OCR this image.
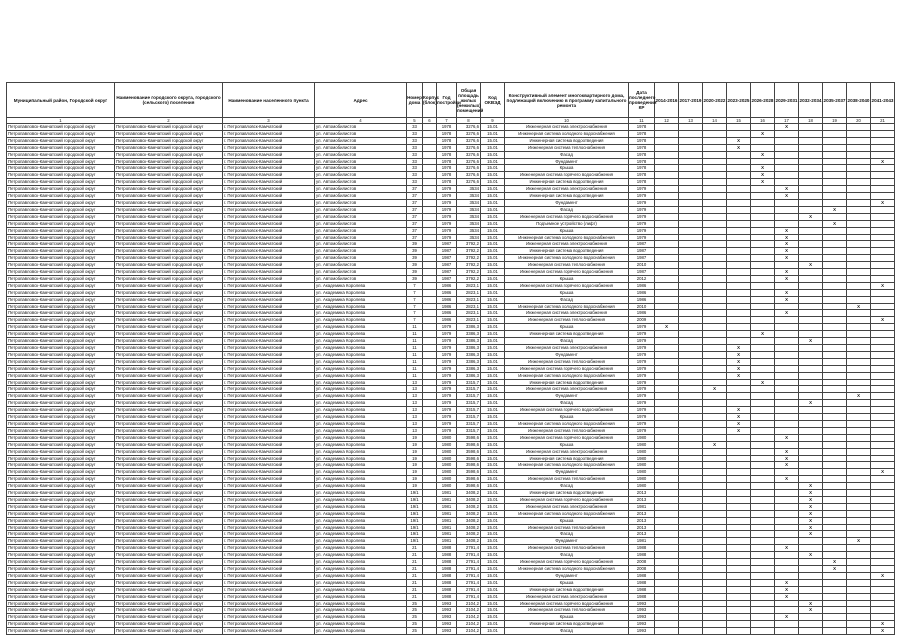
Муниципальный район, Городской округ	Наименование городского округа, городского (сельского) поселения	Наименование населенного пункта	Адрес	Номер дома	Корпус (блок)	Год постройки	Общая площадь жилых (нежилых) помещений	Код ОКВЭД	Конструктивный элемент многоквартирного дома, подлежащий включению в программу капитального ремонта	Дата последнего проведения КР	2014-2016	2017-2019	2020-2022	2023-2025	2026-2028	2029-2031	2032-2034	2035-2037	2038-2040	2041-2043
1	2	3	4	5	6	7	8	9	10	11	12	13	14	15	16	17	18	19	20	21
Петропавловск-Камчатский городской округ	Петропавловск-Камчатский городской округ	г. Петропавловск-Камчатский	ул. Автомобилистов	33		1978	3276,6	15.01	Инженерная система электроснабжения	1978						X				
Петропавловск-Камчатский городской округ	Петропавловск-Камчатский городской округ	г. Петропавловск-Камчатский	ул. Автомобилистов	33		1978	3276,6	15.01	Инженерная система холодного водоснабжения	1978					X					
Петропавловск-Камчатский городской округ	Петропавловск-Камчатский городской округ	г. Петропавловск-Камчатский	ул. Автомобилистов	33		1978	3276,6	15.01	Инженерная система водоотведения	1978				X						
Петропавловск-Камчатский городской округ	Петропавловск-Камчатский городской округ	г. Петропавловск-Камчатский	ул. Автомобилистов	33		1978	3276,6	15.01	Инженерная система теплоснабжения	1978				X						
Петропавловск-Камчатский городской округ	Петропавловск-Камчатский городской округ	г. Петропавловск-Камчатский	ул. Автомобилистов	33		1978	3276,6	15.01	Фасад	1978					X					
Петропавловск-Камчатский городской округ	Петропавловск-Камчатский городской округ	г. Петропавловск-Камчатский	ул. Автомобилистов	33		1978	3276,6	15.01	Фундамент	1978										X
Петропавловск-Камчатский городской округ	Петропавловск-Камчатский городской округ	г. Петропавловск-Камчатский	ул. Автомобилистов	33		1978	3276,6	15.01	Крыша	1978					X					
Петропавловск-Камчатский городской округ	Петропавловск-Камчатский городской округ	г. Петропавловск-Камчатский	ул. Автомобилистов	33		1978	3276,6	15.01	Инженерная система горячего водоснабжения	1978					X					
Петропавловск-Камчатский городской округ	Петропавловск-Камчатский городской округ	г. Петропавловск-Камчатский	ул. Автомобилистов	33		1978	3276,6	15.01	Инженерная система водоотведения	1978					X					
Петропавловск-Камчатский городской округ	Петропавловск-Камчатский городской округ	г. Петропавловск-Камчатский	ул. Автомобилистов	37		1979	3534	15.01	Инженерная система электроснабжения	1979						X				
Петропавловск-Камчатский городской округ	Петропавловск-Камчатский городской округ	г. Петропавловск-Камчатский	ул. Автомобилистов	37		1979	3534	15.01	Инженерная система водоотведения	1979						X				
Петропавловск-Камчатский городской округ	Петропавловск-Камчатский городской округ	г. Петропавловск-Камчатский	ул. Автомобилистов	37		1979	3534	15.01	Фундамент	1979										X
Петропавловск-Камчатский городской округ	Петропавловск-Камчатский городской округ	г. Петропавловск-Камчатский	ул. Автомобилистов	37		1979	3534	15.01	Фасад	1979								X		
Петропавловск-Камчатский городской округ	Петропавловск-Камчатский городской округ	г. Петропавловск-Камчатский	ул. Автомобилистов	37		1979	3534	15.01	Инженерная система горячего водоснабжения	1979							X			
Петропавловск-Камчатский городской округ	Петропавловск-Камчатский городской округ	г. Петропавловск-Камчатский	ул. Автомобилистов	37		1979	3534	15.01	Подъемное устройство (лифт)	1979								X		
Петропавловск-Камчатский городской округ	Петропавловск-Камчатский городской округ	г. Петропавловск-Камчатский	ул. Автомобилистов	37		1979	3534	15.01	Крыша	1979						X				
Петропавловск-Камчатский городской округ	Петропавловск-Камчатский городской округ	г. Петропавловск-Камчатский	ул. Автомобилистов	37		1979	3534	15.01	Инженерная система холодного водоснабжения	1979						X				
Петропавловск-Камчатский городской округ	Петропавловск-Камчатский городской округ	г. Петропавловск-Камчатский	ул. Автомобилистов	39		1987	3792,2	15.01	Инженерная система электроснабжения	1987						X				
Петропавловск-Камчатский городской округ	Петропавловск-Камчатский городской округ	г. Петропавловск-Камчатский	ул. Автомобилистов	39		1987	3792,2	15.01	Инженерная система водоотведения	1987						X				
Петропавловск-Камчатский городской округ	Петропавловск-Камчатский городской округ	г. Петропавловск-Камчатский	ул. Автомобилистов	39		1987	3792,2	15.01	Инженерная система холодного водоснабжения	1987						X				
Петропавловск-Камчатский городской округ	Петропавловск-Камчатский городской округ	г. Петропавловск-Камчатский	ул. Автомобилистов	39		1987	3792,2	15.01	Инженерная система теплоснабжения	2010							X			
Петропавловск-Камчатский городской округ	Петропавловск-Камчатский городской округ	г. Петропавловск-Камчатский	ул. Автомобилистов	39		1987	3792,2	15.01	Инженерная система горячего водоснабжения	1987						X				
Петропавловск-Камчатский городской округ	Петропавловск-Камчатский городской округ	г. Петропавловск-Камчатский	ул. Автомобилистов	39		1987	3792,2	15.01	Крыша	2012						X				
Петропавловск-Камчатский городской округ	Петропавловск-Камчатский городской округ	г. Петропавловск-Камчатский	ул. Академика Королева	7		1986	2823,1	15.01	Инженерная система горячего водоснабжения	1986										X
Петропавловск-Камчатский городской округ	Петропавловск-Камчатский городской округ	г. Петропавловск-Камчатский	ул. Академика Королева	7		1986	2823,1	15.01	Крыша	1986						X				
Петропавловск-Камчатский городской округ	Петропавловск-Камчатский городской округ	г. Петропавловск-Камчатский	ул. Академика Королева	7		1986	2823,1	15.01	Фасад	1986						X				
Петропавловск-Камчатский городской округ	Петропавловск-Камчатский городской округ	г. Петропавловск-Камчатский	ул. Академика Королева	7		1986	2823,1	15.01	Инженерная система холодного водоснабжения	2010									X	
Петропавловск-Камчатский городской округ	Петропавловск-Камчатский городской округ	г. Петропавловск-Камчатский	ул. Академика Королева	7		1986	2823,1	15.01	Инженерная система электроснабжения	1986						X				
Петропавловск-Камчатский городской округ	Петропавловск-Камчатский городской округ	г. Петропавловск-Камчатский	ул. Академика Королева	7		1986	2823,1	15.01	Инженерная система теплоснабжения	2009										X
Петропавловск-Камчатский городской округ	Петропавловск-Камчатский городской округ	г. Петропавловск-Камчатский	ул. Академика Королева	11		1979	3386,3	15.01	Крыша	1979	X									
Петропавловск-Камчатский городской округ	Петропавловск-Камчатский городской округ	г. Петропавловск-Камчатский	ул. Академика Королева	11		1979	3386,3	15.01	Инженерная система водоотведения	1979					X					
Петропавловск-Камчатский городской округ	Петропавловск-Камчатский городской округ	г. Петропавловск-Камчатский	ул. Академика Королева	11		1979	3386,3	15.01	Фасад	1979							X			
Петропавловск-Камчатский городской округ	Петропавловск-Камчатский городской округ	г. Петропавловск-Камчатский	ул. Академика Королева	11		1979	3386,3	15.01	Инженерная система электроснабжения	1979				X						
Петропавловск-Камчатский городской округ	Петропавловск-Камчатский городской округ	г. Петропавловск-Камчатский	ул. Академика Королева	11		1979	3386,3	15.01	Фундамент	1979				X						
Петропавловск-Камчатский городской округ	Петропавловск-Камчатский городской округ	г. Петропавловск-Камчатский	ул. Академика Королева	11		1979	3386,3	15.01	Инженерная система теплоснабжения	1979				X						
Петропавловск-Камчатский городской округ	Петропавловск-Камчатский городской округ	г. Петропавловск-Камчатский	ул. Академика Королева	11		1979	3386,3	15.01	Инженерная система горячего водоснабжения	1979				X						
Петропавловск-Камчатский городской округ	Петропавловск-Камчатский городской округ	г. Петропавловск-Камчатский	ул. Академика Королева	11		1979	3386,3	15.01	Инженерная система холодного водоснабжения	1979				X						
Петропавловск-Камчатский городской округ	Петропавловск-Камчатский городской округ	г. Петропавловск-Камчатский	ул. Академика Королева	13		1979	3315,7	15.01	Инженерная система водоотведения	1979					X					
Петропавловск-Камчатский городской округ	Петропавловск-Камчатский городской округ	г. Петропавловск-Камчатский	ул. Академика Королева	13		1979	3315,7	15.01	Инженерная система электроснабжения	1979			X							
Петропавловск-Камчатский городской округ	Петропавловск-Камчатский городской округ	г. Петропавловск-Камчатский	ул. Академика Королева	13		1979	3315,7	15.01	Фундамент	1979									X	
Петропавловск-Камчатский городской округ	Петропавловск-Камчатский городской округ	г. Петропавловск-Камчатский	ул. Академика Королева	13		1979	3315,7	15.01	Фасад	1979							X			
Петропавловск-Камчатский городской округ	Петропавловск-Камчатский городской округ	г. Петропавловск-Камчатский	ул. Академика Королева	13		1979	3315,7	15.01	Инженерная система горячего водоснабжения	1979				X						
Петропавловск-Камчатский городской округ	Петропавловск-Камчатский городской округ	г. Петропавловск-Камчатский	ул. Академика Королева	13		1979	3315,7	15.01	Крыша	1979				X						
Петропавловск-Камчатский городской округ	Петропавловск-Камчатский городской округ	г. Петропавловск-Камчатский	ул. Академика Королева	13		1979	3315,7	15.01	Инженерная система холодного водоснабжения	1979				X						
Петропавловск-Камчатский городской округ	Петропавловск-Камчатский городской округ	г. Петропавловск-Камчатский	ул. Академика Королева	13		1979	3315,7	15.01	Инженерная система теплоснабжения	1979				X						
Петропавловск-Камчатский городской округ	Петропавловск-Камчатский городской округ	г. Петропавловск-Камчатский	ул. Академика Королева	19		1980	3598,6	15.01	Инженерная система горячего водоснабжения	1980						X				
Петропавловск-Камчатский городской округ	Петропавловск-Камчатский городской округ	г. Петропавловск-Камчатский	ул. Академика Королева	19		1980	3598,6	15.01	Крыша	1980			X							
Петропавловск-Камчатский городской округ	Петропавловск-Камчатский городской округ	г. Петропавловск-Камчатский	ул. Академика Королева	19		1980	3598,6	15.01	Инженерная система электроснабжения	1980						X				
Петропавловск-Камчатский городской округ	Петропавловск-Камчатский городской округ	г. Петропавловск-Камчатский	ул. Академика Королева	19		1980	3598,6	15.01	Инженерная система водоотведения	1980						X				
Петропавловск-Камчатский городской округ	Петропавловск-Камчатский городской округ	г. Петропавловск-Камчатский	ул. Академика Королева	19		1980	3598,6	15.01	Инженерная система холодного водоснабжения	1980						X				
Петропавловск-Камчатский городской округ	Петропавловск-Камчатский городской округ	г. Петропавловск-Камчатский	ул. Академика Королева	19		1980	3598,6	15.01	Фундамент	1980										X
Петропавловск-Камчатский городской округ	Петропавловск-Камчатский городской округ	г. Петропавловск-Камчатский	ул. Академика Королева	19		1980	3598,6	15.01	Инженерная система теплоснабжения	1980						X				
Петропавловск-Камчатский городской округ	Петропавловск-Камчатский городской округ	г. Петропавловск-Камчатский	ул. Академика Королева	19		1980	3598,6	15.01	Фасад	1980							X			
Петропавловск-Камчатский городской округ	Петропавловск-Камчатский городской округ	г. Петропавловск-Камчатский	ул. Академика Королева	19/1		1981	3408,2	15.01	Инженерная система водоотведения	2013							X			
Петропавловск-Камчатский городской округ	Петропавловск-Камчатский городской округ	г. Петропавловск-Камчатский	ул. Академика Королева	19/1		1981	3408,2	15.01	Инженерная система горячего водоснабжения	2013							X			
Петропавловск-Камчатский городской округ	Петропавловск-Камчатский городской округ	г. Петропавловск-Камчатский	ул. Академика Королева	19/1		1981	3408,2	15.01	Инженерная система электроснабжения	1981							X			
Петропавловск-Камчатский городской округ	Петропавловск-Камчатский городской округ	г. Петропавловск-Камчатский	ул. Академика Королева	19/1		1981	3408,2	15.01	Инженерная система холодного водоснабжения	2013							X			
Петропавловск-Камчатский городской округ	Петропавловск-Камчатский городской округ	г. Петропавловск-Камчатский	ул. Академика Королева	19/1		1981	3408,2	15.01	Крыша	2013							X			
Петропавловск-Камчатский городской округ	Петропавловск-Камчатский городской округ	г. Петропавловск-Камчатский	ул. Академика Королева	19/1		1981	3408,2	15.01	Инженерная система теплоснабжения	2013							X			
Петропавловск-Камчатский городской округ	Петропавловск-Камчатский городской округ	г. Петропавловск-Камчатский	ул. Академика Королева	19/1		1981	3408,2	15.01	Фасад	2013							X			
Петропавловск-Камчатский городской округ	Петропавловск-Камчатский городской округ	г. Петропавловск-Камчатский	ул. Академика Королева	19/1		1981	3408,2	15.01	Фундамент	1981									X	
Петропавловск-Камчатский городской округ	Петропавловск-Камчатский городской округ	г. Петропавловск-Камчатский	ул. Академика Королева	21		1988	2791,4	15.01	Инженерная система теплоснабжения	1988						X				
Петропавловск-Камчатский городской округ	Петропавловск-Камчатский городской округ	г. Петропавловск-Камчатский	ул. Академика Королева	21		1988	2791,4	15.01	Фасад	1988							X			
Петропавловск-Камчатский городской округ	Петропавловск-Камчатский городской округ	г. Петропавловск-Камчатский	ул. Академика Королева	21		1988	2791,4	15.01	Инженерная система горячего водоснабжения	2008								X		
Петропавловск-Камчатский городской округ	Петропавловск-Камчатский городской округ	г. Петропавловск-Камчатский	ул. Академика Королева	21		1988	2791,4	15.01	Инженерная система холодного водоснабжения	2008								X		
Петропавловск-Камчатский городской округ	Петропавловск-Камчатский городской округ	г. Петропавловск-Камчатский	ул. Академика Королева	21		1988	2791,4	15.01	Фундамент	1988										X
Петропавловск-Камчатский городской округ	Петропавловск-Камчатский городской округ	г. Петропавловск-Камчатский	ул. Академика Королева	21		1988	2791,4	15.01	Крыша	1988						X				
Петропавловск-Камчатский городской округ	Петропавловск-Камчатский городской округ	г. Петропавловск-Камчатский	ул. Академика Королева	21		1988	2791,4	15.01	Инженерная система водоотведения	1988						X				
Петропавловск-Камчатский городской округ	Петропавловск-Камчатский городской округ	г. Петропавловск-Камчатский	ул. Академика Королева	21		1988	2791,4	15.01	Инженерная система электроснабжения	1988						X				
Петропавловск-Камчатский городской округ	Петропавловск-Камчатский городской округ	г. Петропавловск-Камчатский	ул. Академика Королева	25		1993	2104,2	15.01	Инженерная система горячего водоснабжения	1993							X			
Петропавловск-Камчатский городской округ	Петропавловск-Камчатский городской округ	г. Петропавловск-Камчатский	ул. Академика Королева	25		1993	2104,2	15.01	Инженерная система теплоснабжения	1993							X			
Петропавловск-Камчатский городской округ	Петропавловск-Камчатский городской округ	г. Петропавловск-Камчатский	ул. Академика Королева	25		1993	2104,2	15.01	Крыша	1993						X				
Петропавловск-Камчатский городской округ	Петропавловск-Камчатский городской округ	г. Петропавловск-Камчатский	ул. Академика Королева	25		1993	2104,2	15.01	Инженерная система водоотведения	1993										X
Петропавловск-Камчатский городской округ	Петропавловск-Камчатский городской округ	г. Петропавловск-Камчатский	ул. Академика Королева	25		1993	2104,2	15.01	Фасад	1993										X
